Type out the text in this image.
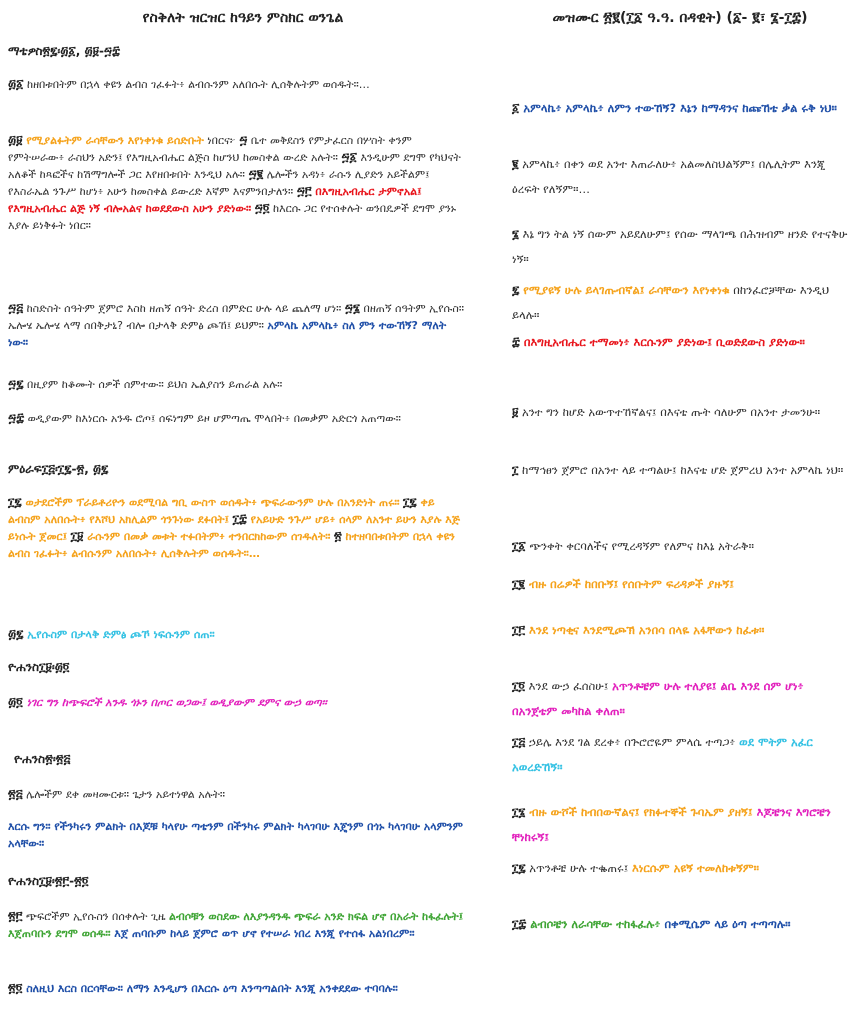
የስቅለት ዝርዝር ከዓይን ምስክር ወንጌል
ማቴዎስ፳፯፡፴፩, ፴፱-፵፰

፴፩ ከዘበቱበትም በኋላ ቀዩን ልብስ ገፈፉት፥ ልብሱንም አለበሱት ሊሰቅሉትም ወሰዱት።…

፴፱ የሚያልፉትም ራሳቸውን እየነቀነቁ ይሰድቡት ነበርና፦ ፵ ቤተ መቅደስን የምታፈርስ በሦስት ቀንም የምትሠራው፥ ራስህን አድን፤ የእግዚአብሔር ልጅስ ከሆንህ ከመስቀል ውረድ አሉት። ፵፩ እንዲሁም ደግሞ የካህናት አለቆች ከጻፎችና ከሽማግሎች ጋር እየዘበቱበት እንዲህ አሉ። ፵፪ ሌሎችን አዳነ፥ ራሱን ሊያድን አይችልም፤ የእስራኤል ንጉሥ ከሆነ፥ አሁን ከመስቀል ይውረድ እኛም እናምንበታለን። ፵፫ በእግዚአብሔር ታምኖአል፤ የእግዚአብሔር ልጅ ነኝ ብሎአልና ከወደደውስ አሁን ያድነው። ፵፬ ከእርሱ ጋር የተሰቀሉት ወንበዴዎች ደግሞ ያንኑ እያሉ ይነቅፉት ነበር።

፵፭ ከስድስት ሰዓትም ጀምሮ እስከ ዘጠኝ ሰዓት ድረስ በምድር ሁሉ ላይ ጨለማ ሆነ። ፵፮ በዘጠኝ ሰዓትም ኢየሱስ። ኤሎሄ ኤሎሄ ላማ ሰበቅታኒ? ብሎ በታላቅ ድምፅ ጮኸ፤ ይህም። አምላኬ አምላኬ፥ ስለ ምን ተውኸኝ? ማለት ነው።

፵፯ በዚያም ከቆሙት ሰዎች ሰምተው። ይህስ ኤልያስን ይጠራል አሉ።

፵፰ ወዲያውም ከእነርሱ አንዱ ሮጦ፤ ሰፍነግም ይዞ ሆምጣጤ ሞላበት፥ በመቃም አድርጎ አጠጣው።

ምዕራፍ፲፭፡፲፯-፳, ፴፯

፲፯ ወታደሮችም ፕራይቶሪዮን ወደሚባል ግቢ ውስጥ ወሰዱት፥ ጭፍራውንም ሁሉ በአንድነት ጠሩ። ፲፯ ቀይ ልብስም አለበሱት፥ የእሾህ አክሊልም ጎንጉነው ደፉበት፤ ፲፰ የአይሁድ ንጉሥ ሆይ፥ ሰላም ለአንተ ይሁን እያሉ እጅ ይነሱት ጀመር፤ ፲፱ ራሱንም በመቃ መቱት ተፉበትም፥ ተንበርክከውም ሰገዱለት። ፳ ከተዘባበቱበትም በኋላ ቀዩን ልብስ ገፈፉት፥ ልብሱንም አለበሱት፥ ሊሰቅሉትም ወሰዱት።…

፴፯ ኢየሱስም በታላቅ ድምፅ ጮኾ ነፍሱንም ሰጠ።

ዮሐንስ፲፱፡፴፬

፴፬ ነገር ግን ከጭፍሮች አንዱ ጎኑን በጦር ወጋው፤ ወዲያውም ደምና ውኃ ወጣ።

ዮሐንስ፳፡፳፭

፳፭ ሌሎችም ደቀ መዛሙርቱ። ጌታን አይተነዋል አሉት።

እርሱ ግን። የችንካሩን ምልክት በእጆቹ ካላየሁ ጣቴንም በችንካሩ ምልክት ካላገባሁ እጄንም በጎኑ ካላገባሁ አላምንም አላቸው።

ዮሐንስ፲፱፡፳፫-፳፬

፳፫ ጭፍሮችም ኢየሱስን በሰቀሉት ጊዜ ልብሶቹን ወስደው ለእያንዳንዱ ጭፍራ አንድ ክፍል ሆኖ በአራት ከፋፈሉት፤ እጀጠባቡን ደግሞ ወሰዱ። እጀ ጠባቡም ከላይ ጀምሮ ወጥ ሆኖ የተሠራ ነበረ እንጂ የተሰፋ አልነበረም።

፳፬ ስለዚህ እርስ በርሳቸው። ለማን እንዲሆን በእርሱ ዕጣ እንጣጣልበት እንጂ አንቀደደው ተባባሉ።

መዝሙር ፳፪(፲፩ ዓ.ዓ. በዳዊት) (፩- ፪፣ ፮-፲፰)

፩ አምላኬ፥ አምላኬ፥ ለምን ተውኸኝ? እኔን ከማዳንና ከጩኸቴ ቃል ሩቅ ነህ።

፪ አምላኬ፥ በቀን ወደ አንተ እጠራለሁ፥ አልመለስህልኝም፤ በሌሊትም እንጂ ዕረፍት የለኝም።…

፮ እኔ ግን ትል ነኝ ሰውም አይደለሁም፤ የሰው ማላገጫ በሕዝብም ዘንድ የተናቅሁ ነኝ።

፯ የሚያዩኝ ሁሉ ይላገጡብኛል፤ ራሳቸውን እየነቀነቁ በከንፈሮቻቸው እንዲህ ይላሉ።

፰ በእግዚአብሔር ተማመነ፥ እርሱንም ያድነው፤ ቢወድደውስ ያድነው።

፱ አንተ ግን ከሆድ አውጥተኸኛልና፤ በእናቴ ጡት ሳለሁም በአንተ ታመንሁ።

፲ ከማኅፀን ጀምሮ በአንተ ላይ ተጣልሁ፤ ከእናቴ ሆድ ጀምረህ አንተ አምላኬ ነህ።

፲፩ ጭንቀት ቀርባለችና የሚረዳኝም የለምና ከእኔ አትራቅ።

፲፪ ብዙ በሬዎች ከበቡኝ፤ የሰቡትም ፍሪዳዎች ያዙኝ፤

፲፫ እንደ ነጣቂና እንደሚጮኽ አንበሳ በላዬ አፋቸውን ከፈቱ።

፲፬ እንደ ውኃ ፈሰስሁ፤ አጥንቶቼም ሁሉ ተለያዩ፤ ልቤ እንደ ሰም ሆነ፥ በአንጀቴም መካከል ቀለጠ።

፲፭ ኃይሌ እንደ ገል ደረቀ፥ በጕሮሮዬም ምላሴ ተጣጋ፥ ወደ ሞትም አፈር አወረድኸኝ።

፲፮ ብዙ ውሾች ከብበውኛልና፤ የክፉተኞች ጉባኤም ያዘኝ፤ እጆቼንና እግሮቼን ቸነከሩኝ፤

፲፯ አጥንቶቼ ሁሉ ተቈጠሩ፤ እነርሱም አዩኝ ተመለከቱኝም።

፲፰ ልብሶቼን ለራሳቸው ተከፋፈሉ፥ በቀሚሴም ላይ ዕጣ ተጣጣሉ።
